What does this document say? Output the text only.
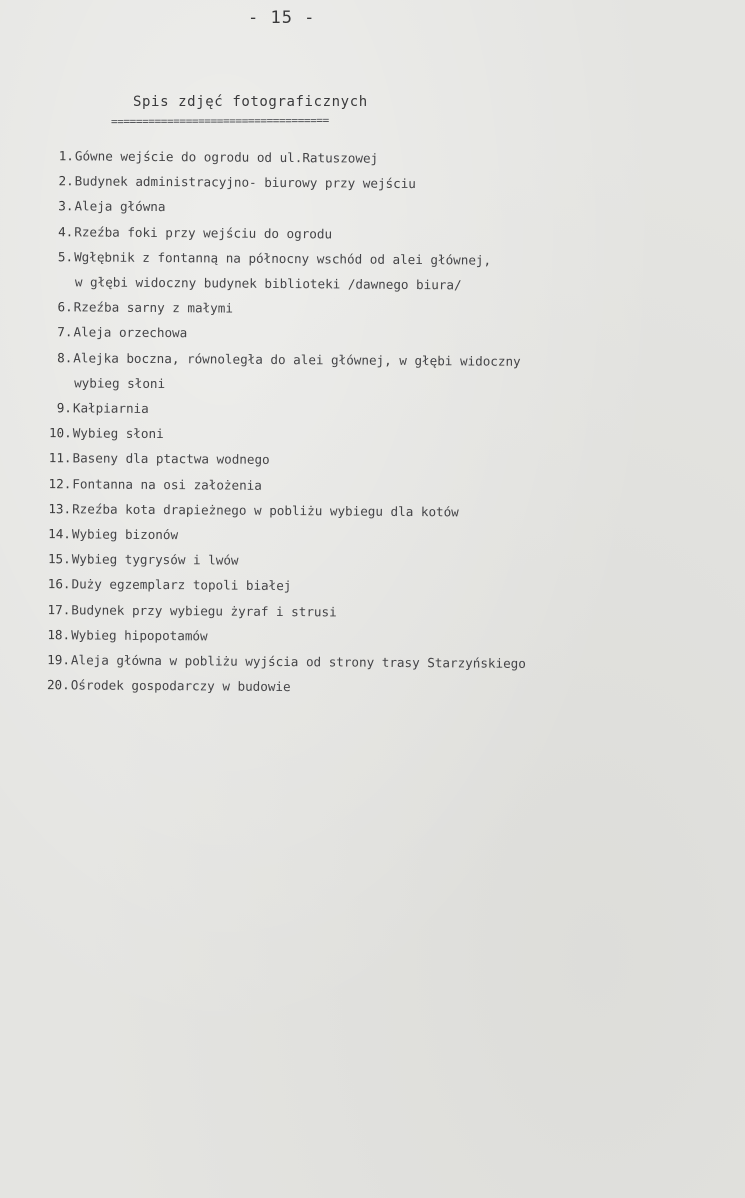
- 15 -
Spis zdjęć fotograficznych
===================================
1. Gówne wejście do ogrodu od ul.Ratuszowej
2. Budynek administracyjno- biurowy przy wejściu
3. Aleja główna
4. Rzeźba foki przy wejściu do ogrodu
5. Wgłębnik z fontanną na północny wschód od alei głównej,
w głębi widoczny budynek biblioteki /dawnego biura/
6. Rzeźba sarny z małymi
7. Aleja orzechowa
8. Alejka boczna, równoległa do alei głównej, w głębi widoczny
wybieg słoni
9. Kałpiarnia
10. Wybieg słoni
11. Baseny dla ptactwa wodnego
12. Fontanna na osi założenia
13. Rzeźba kota drapieżnego w pobliżu wybiegu dla kotów
14. Wybieg bizonów
15. Wybieg tygrysów i lwów
16. Duży egzemplarz topoli białej
17. Budynek przy wybiegu żyraf i strusi
18. Wybieg hipopotamów
19. Aleja główna w pobliżu wyjścia od strony trasy Starzyńskiego
20. Ośrodek gospodarczy w budowie
